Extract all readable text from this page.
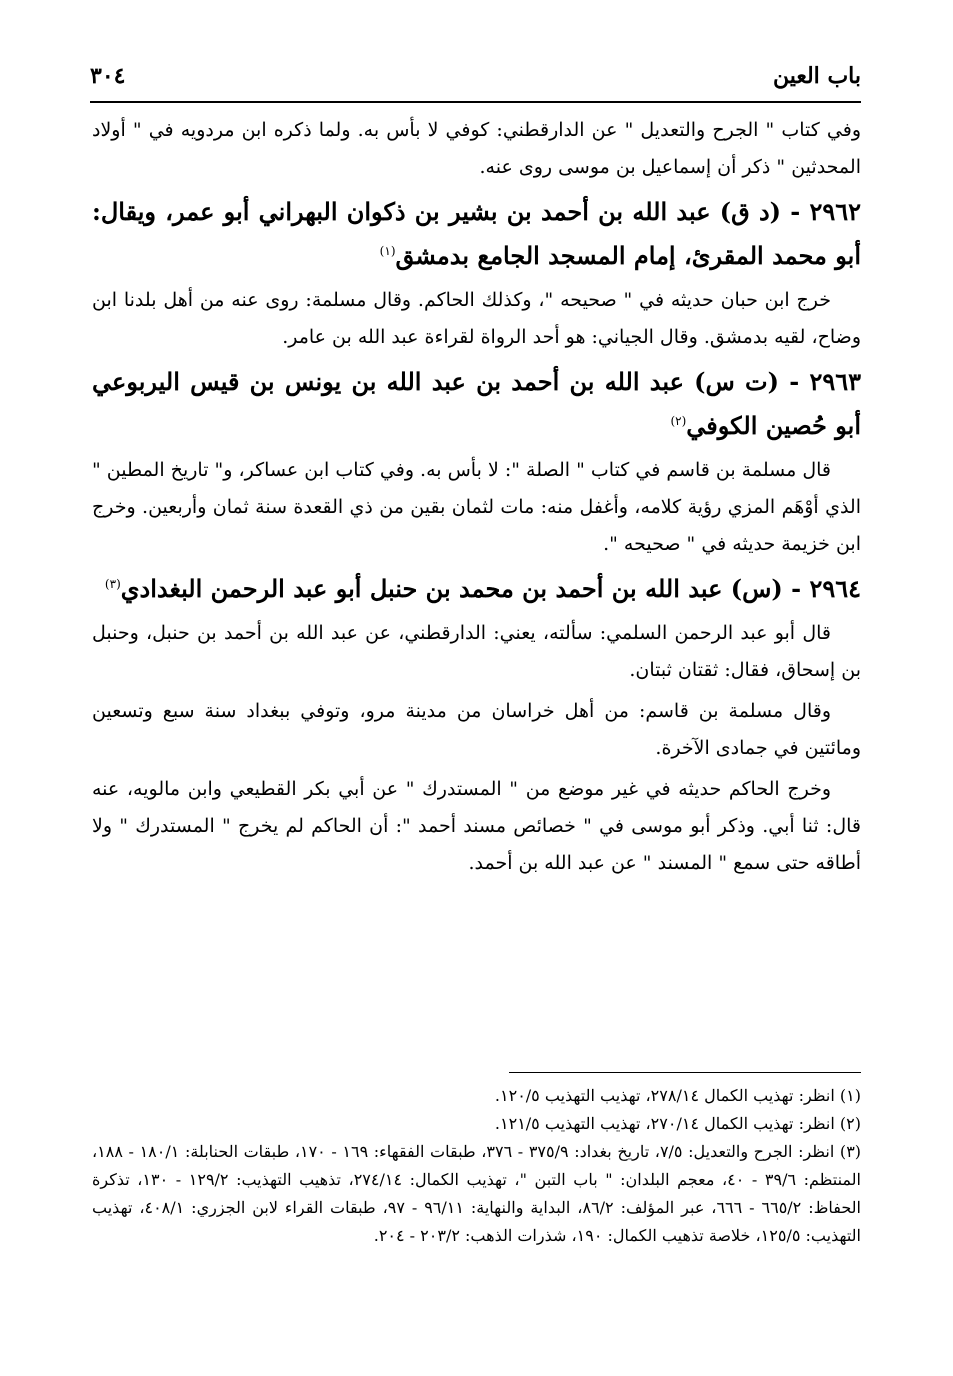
باب العين
٣٠٤

وفي كتاب " الجرح والتعديل " عن الدارقطني: كوفي لا بأس به. ولما ذكره ابن مردويه في " أولاد المحدثين " ذكر أن إسماعيل بن موسى روى عنه.

٢٩٦٢ - (د ق) عبد الله بن أحمد بن بشير بن ذكوان البهراني أبو عمر، ويقال: أبو محمد المقرئ، إمام المسجد الجامع بدمشق$^{(١)}$

خرج ابن حبان حديثه في " صحيحه "، وكذلك الحاكم. وقال مسلمة: روى عنه من أهل بلدنا ابن وضاح، لقيه بدمشق. وقال الجياني: هو أحد الرواة لقراءة عبد الله بن عامر.

٢٩٦٣ - (ت س) عبد الله بن أحمد بن عبد الله بن يونس بن قيس اليربوعي أبو حُصين الكوفي$^{(٢)}$

قال مسلمة بن قاسم في كتاب " الصلة ": لا بأس به. وفي كتاب ابن عساكر، و" تاريخ المطين " الذي أوْهَم المزي رؤية كلامه، وأغفل منه: مات لثمان بقين من ذي القعدة سنة ثمان وأربعين. وخرج ابن خزيمة حديثه في " صحيحه ".

٢٩٦٤ - (س) عبد الله بن أحمد بن محمد بن حنبل أبو عبد الرحمن البغدادي$^{(٣)}$

قال أبو عبد الرحمن السلمي: سألته، يعني: الدارقطني، عن عبد الله بن أحمد بن حنبل، وحنبل بن إسحاق، فقال: ثقتان ثبتان.

وقال مسلمة بن قاسم: من أهل خراسان من مدينة مرو، وتوفي ببغداد سنة سبع وتسعين ومائتين في جمادى الآخرة.

وخرج الحاكم حديثه في غير موضع من " المستدرك " عن أبي بكر القطيعي وابن مالويه، عنه قال: ثنا أبي. وذكر أبو موسى في " خصائص مسند أحمد ": أن الحاكم لم يخرج " المستدرك " ولا أطاقه حتى سمع " المسند " عن عبد الله بن أحمد.

(١) انظر: تهذيب الكمال ٢٧٨/١٤، تهذيب التهذيب ١٢٠/٥.

(٢) انظر: تهذيب الكمال ٢٧٠/١٤، تهذيب التهذيب ١٢١/٥.

(٣) انظر: الجرح والتعديل: ٧/٥، تاريخ بغداد: ٣٧٥/٩ - ٣٧٦، طبقات الفقهاء: ١٦٩ - ١٧٠، طبقات الحنابلة: ١٨٠/١ - ١٨٨، المنتظم: ٣٩/٦ - ٤٠، معجم البلدان: " باب التبن "، تهذيب الكمال: ٢٧٤/١٤، تذهيب التهذيب: ١٢٩/٢ - ١٣٠، تذكرة الحفاظ: ٦٦٥/٢ - ٦٦٦، عبر المؤلف: ٨٦/٢، البداية والنهاية: ٩٦/١١ - ٩٧، طبقات القراء لابن الجزري: ٤٠٨/١، تهذيب التهذيب: ١٢٥/٥، خلاصة تذهيب الكمال: ١٩٠، شذرات الذهب: ٢٠٣/٢ - ٢٠٤.
